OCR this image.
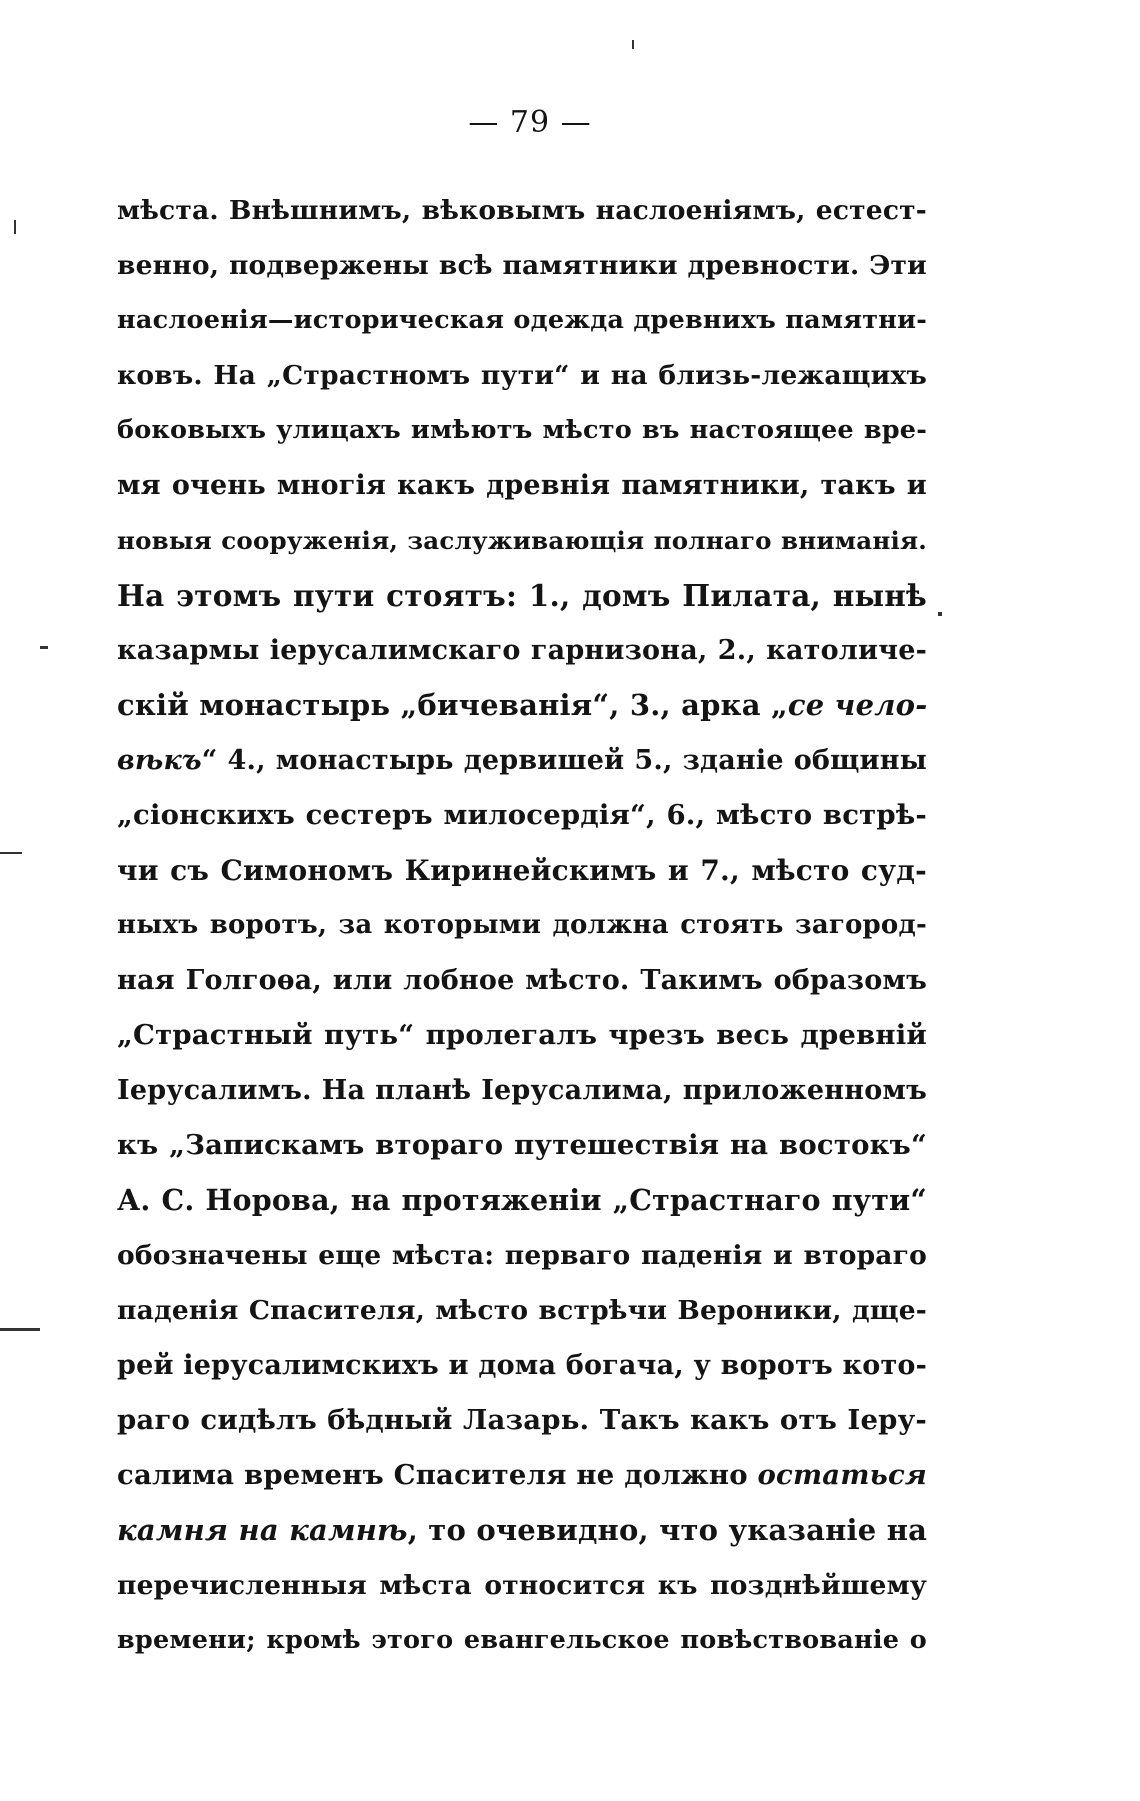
— 79 —
мѣста. Внѣшнимъ, вѣковымъ наслоеніямъ, естест-
венно, подвержены всѣ памятники древности. Эти
наслоенія—историческая одежда древнихъ памятни-
ковъ. На „Страстномъ пути“ и на близь-лежащихъ
боковыхъ улицахъ имѣютъ мѣсто въ настоящее вре-
мя очень многія какъ древнія памятники, такъ и
новыя сооруженія, заслуживающія полнаго вниманія.
На этомъ пути стоятъ: 1., домъ Пилата, нынѣ
казармы іерусалимскаго гарнизона, 2., католиче-
скій монастырь „бичеванія“, 3., арка „се чело-
вѣкъ“ 4., монастырь дервишей 5., зданіе общины
„сіонскихъ сестеръ милосердія“, 6., мѣсто встрѣ-
чи съ Симономъ Киринейскимъ и 7., мѣсто суд-
ныхъ воротъ, за которыми должна стоять загород-
ная Голгоѳа, или лобное мѣсто. Такимъ образомъ
„Страстный путь“ пролегалъ чрезъ весь древній
Іерусалимъ. На планѣ Іерусалима, приложенномъ
къ „Запискамъ втораго путешествія на востокъ“
А. С. Норова, на протяженіи „Страстнаго пути“
обозначены еще мѣста: перваго паденія и втораго
паденія Спасителя, мѣсто встрѣчи Вероники, дще-
рей іерусалимскихъ и дома богача, у воротъ кото-
раго сидѣлъ бѣдный Лазарь. Такъ какъ отъ Іеру-
салима временъ Спасителя не должно остаться
камня на камнѣ, то очевидно, что указаніе на
перечисленныя мѣста относится къ позднѣйшему
времени; кромѣ этого евангельское повѣствованіе о
